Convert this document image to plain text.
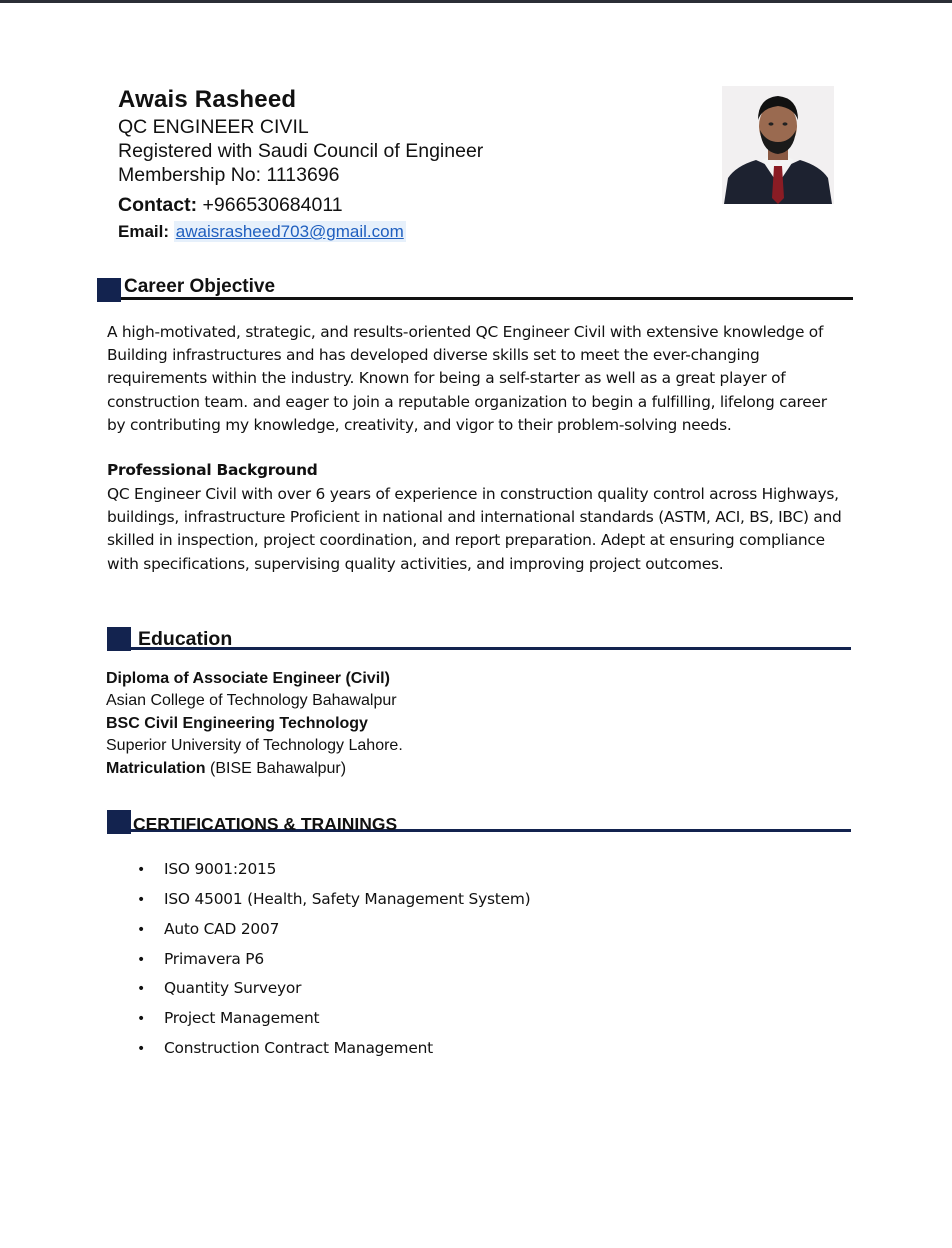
Awais Rasheed
QC ENGINEER CIVIL
Registered with Saudi Council of Engineer
Membership No: 1113696
Contact: +966530684011
Email: awaisrasheed703@gmail.com
Career Objective
A high-motivated, strategic, and results-oriented QC Engineer Civil with extensive knowledge of Building infrastructures and has developed diverse skills set to meet the ever-changing requirements within the industry. Known for being a self-starter as well as a great player of construction team. and eager to join a reputable organization to begin a fulfilling, lifelong career by contributing my knowledge, creativity, and vigor to their problem-solving needs.
Professional Background
QC Engineer Civil with over 6 years of experience in construction quality control across Highways, buildings, infrastructure Proficient in national and international standards (ASTM, ACI, BS, IBC) and skilled in inspection, project coordination, and report preparation. Adept at ensuring compliance with specifications, supervising quality activities, and improving project outcomes.
Education
Diploma of Associate Engineer (Civil)
Asian College of Technology Bahawalpur
BSC Civil Engineering Technology
Superior University of Technology Lahore.
Matriculation (BISE Bahawalpur)
CERTIFICATIONS & TRAININGS
• ISO 9001:2015
• ISO 45001 (Health, Safety Management System)
• Auto CAD 2007
• Primavera P6
• Quantity Surveyor
• Project Management
• Construction Contract Management
